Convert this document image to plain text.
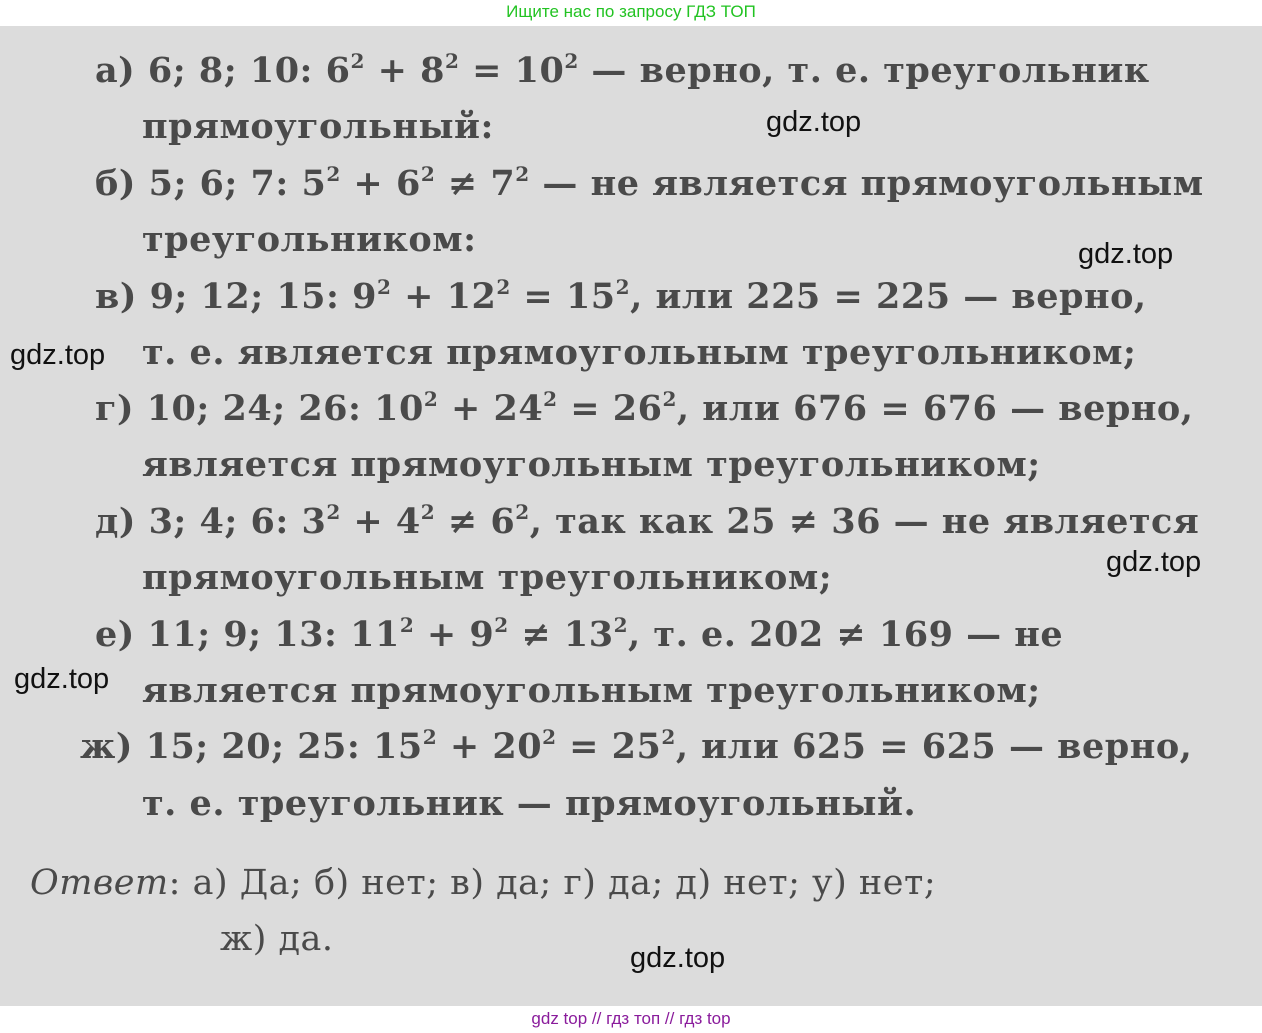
Ищите нас по запросу ГДЗ ТОП

а) 6; 8; 10: $6^2 + 8^2 = 10^2$ — верно, т. е. треугольник
прямоугольный:
б) 5; 6; 7: $5^2 + 6^2 \ne 7^2$ — не является прямоугольным
треугольником:
в) 9; 12; 15: $9^2 + 12^2 = 15^2$, или 225 = 225 — верно,
т. е. является прямоугольным треугольником;
г) 10; 24; 26: $10^2 + 24^2 = 26^2$, или 676 = 676 — верно,
является прямоугольным треугольником;
д) 3; 4; 6: $3^2 + 4^2 \ne 6^2$, так как 25 ≠ 36 — не является
прямоугольным треугольником;
е) 11; 9; 13: $11^2 + 9^2 \ne 13^2$, т. е. 202 ≠ 169 — не
является прямоугольным треугольником;
ж) 15; 20; 25: $15^2 + 20^2 = 25^2$, или 625 = 625 — верно,
т. е. треугольник — прямоугольный.
Ответ: а) Да; б) нет; в) да; г) да; д) нет; у) нет;
ж) да.
gdz.top
gdz.top
gdz.top
gdz.top
gdz.top
gdz.top
gdz top // гдз топ // гдз top
